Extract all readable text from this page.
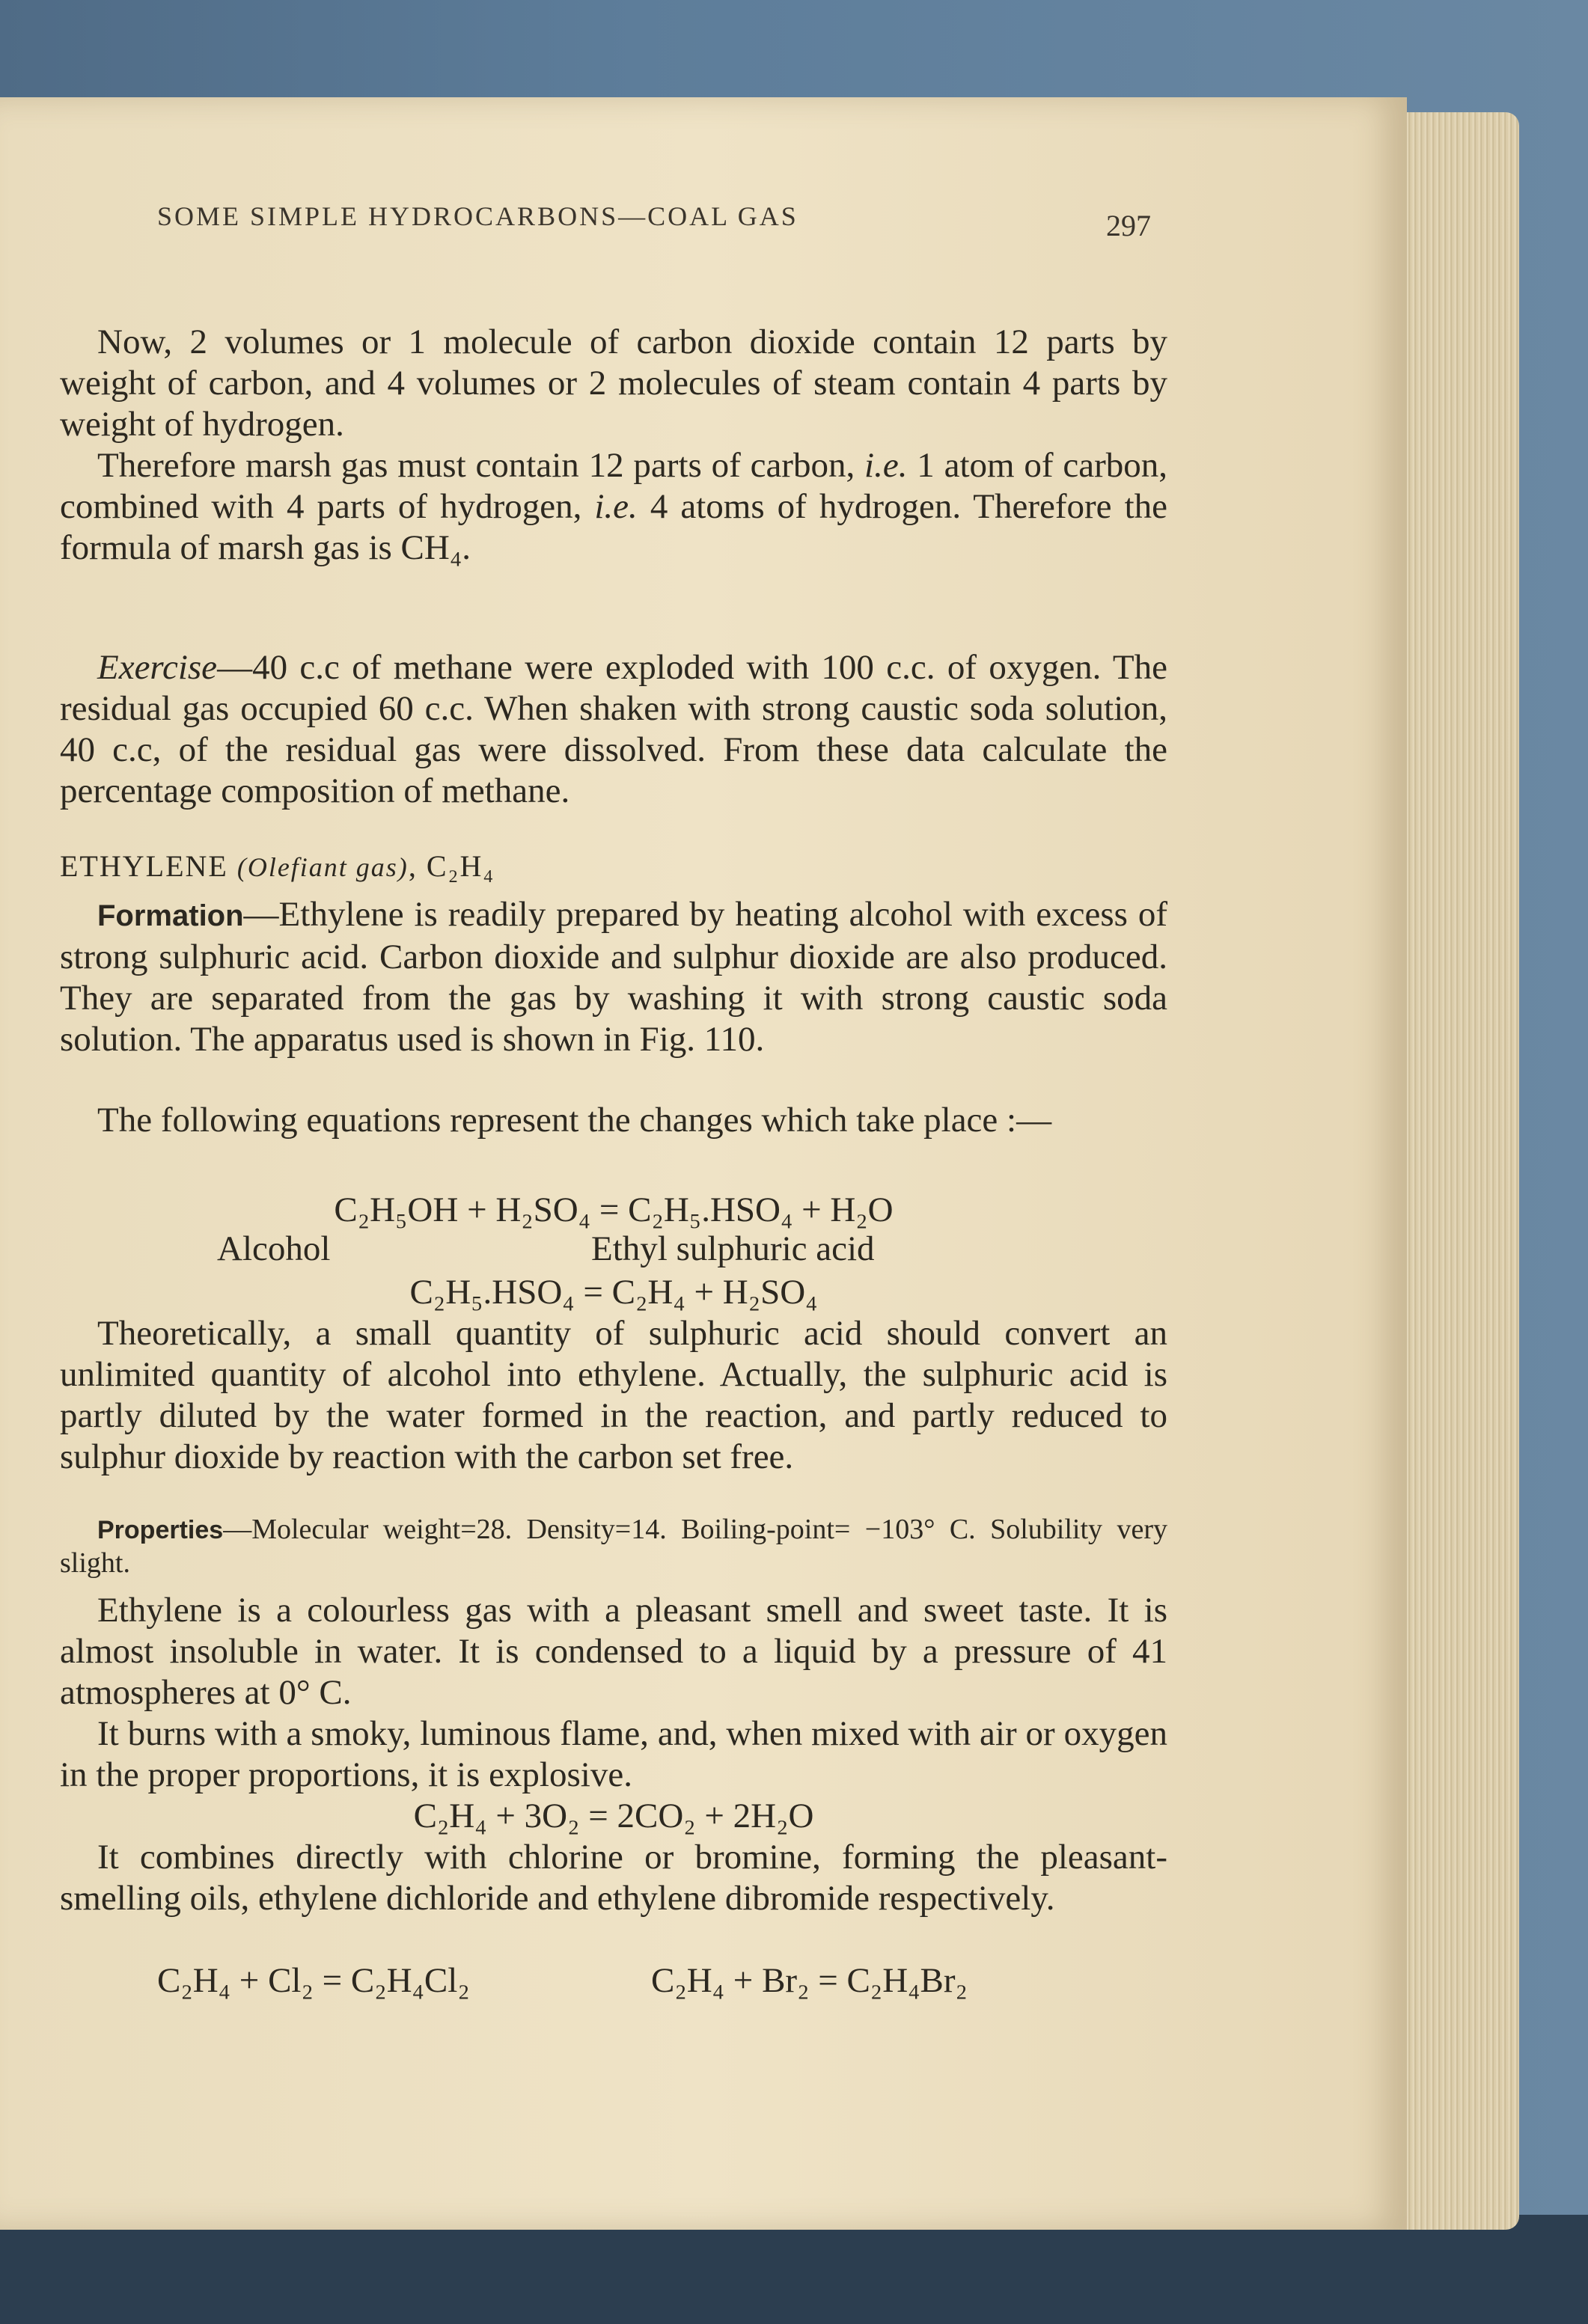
SOME SIMPLE HYDROCARBONS—COAL GAS	297
Now, 2 volumes or 1 molecule of carbon dioxide contain 12 parts by weight of carbon, and 4 volumes or 2 molecules of steam contain 4 parts by weight of hydrogen.
Therefore marsh gas must contain 12 parts of carbon, i.e. 1 atom of carbon, combined with 4 parts of hydrogen, i.e. 4 atoms of hydrogen. Therefore the formula of marsh gas is CH₄.
Exercise—40 c.c of methane were exploded with 100 c.c. of oxygen. The residual gas occupied 60 c.c. When shaken with strong caustic soda solution, 40 c.c, of the residual gas were dissolved. From these data calculate the percentage composition of methane.
ETHYLENE (Olefiant gas), C₂H₄
Formation—Ethylene is readily prepared by heating alcohol with excess of strong sulphuric acid. Carbon dioxide and sulphur dioxide are also produced. They are separated from the gas by washing it with strong caustic soda solution. The apparatus used is shown in Fig. 110.
The following equations represent the changes which take place :—
C₂H₅OH + H₂SO₄ = C₂H₅.HSO₄ + H₂O
Alcohol	Ethyl sulphuric acid
C₂H₅.HSO₄ = C₂H₄ + H₂SO₄
Theoretically, a small quantity of sulphuric acid should convert an unlimited quantity of alcohol into ethylene. Actually, the sulphuric acid is partly diluted by the water formed in the reaction, and partly reduced to sulphur dioxide by reaction with the carbon set free.
Properties—Molecular weight=28. Density=14. Boiling-point= −103° C. Solubility very slight.
Ethylene is a colourless gas with a pleasant smell and sweet taste. It is almost insoluble in water. It is condensed to a liquid by a pressure of 41 atmospheres at 0° C.
It burns with a smoky, luminous flame, and, when mixed with air or oxygen in the proper proportions, it is explosive.
C₂H₄ + 3O₂ = 2CO₂ + 2H₂O
It combines directly with chlorine or bromine, forming the pleasant-smelling oils, ethylene dichloride and ethylene dibromide respectively.
C₂H₄ + Cl₂ = C₂H₄Cl₂	C₂H₄ + Br₂ = C₂H₄Br₂
